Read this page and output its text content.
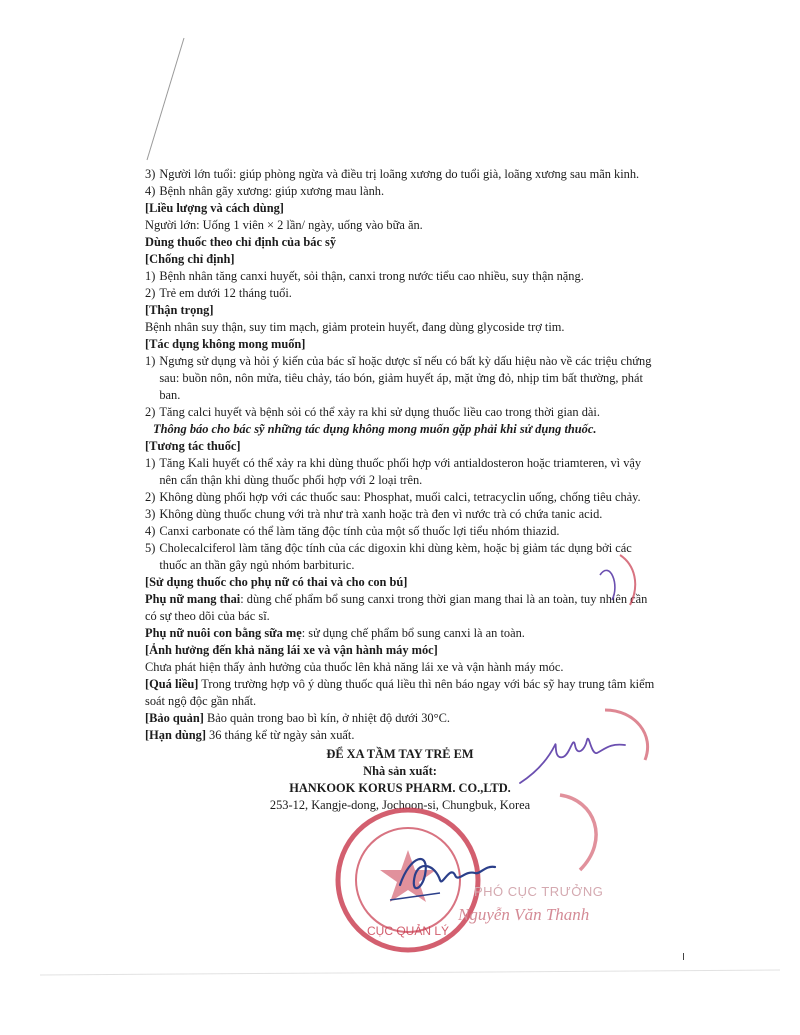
3) Người lớn tuổi: giúp phòng ngừa và điều trị loãng xương do tuổi già, loãng xương sau mãn kinh.
4) Bệnh nhân gãy xương: giúp xương mau lành.
[Liều lượng và cách dùng]
Người lớn: Uống 1 viên × 2 lần/ ngày, uống vào bữa ăn.
Dùng thuốc theo chỉ định của bác sỹ
[Chống chỉ định]
1) Bệnh nhân tăng canxi huyết, sỏi thận, canxi trong nước tiểu cao nhiều, suy thận nặng.
2) Trẻ em dưới 12 tháng tuổi.
[Thận trọng]
Bệnh nhân suy thận, suy tim mạch, giảm protein huyết, đang dùng glycoside trợ tim.
[Tác dụng không mong muốn]
1) Ngưng sử dụng và hỏi ý kiến của bác sĩ hoặc dược sĩ nếu có bất kỳ dấu hiệu nào về các triệu chứng sau: buồn nôn, nôn mửa, tiêu chảy, táo bón, giảm huyết áp, mặt ửng đỏ, nhịp tim bất thường, phát ban.
2) Tăng calci huyết và bệnh sỏi có thể xảy ra khi sử dụng thuốc liều cao trong thời gian dài.
Thông báo cho bác sỹ những tác dụng không mong muốn gặp phải khi sử dụng thuốc.
[Tương tác thuốc]
1) Tăng Kali huyết có thể xảy ra khi dùng thuốc phối hợp với antialdosteron hoặc triamteren, vì vậy nên cẩn thận khi dùng thuốc phối hợp với 2 loại trên.
2) Không dùng phối hợp với các thuốc sau: Phosphat, muối calci, tetracyclin uống, chống tiêu chảy.
3) Không dùng thuốc chung với trà như trà xanh hoặc trà đen vì nước trà có chứa tanic acid.
4) Canxi carbonate có thể làm tăng độc tính của một số thuốc lợi tiểu nhóm thiazid.
5) Cholecalciferol làm tăng độc tính của các digoxin khi dùng kèm, hoặc bị giảm tác dụng bởi các thuốc an thần gây ngủ nhóm barbituric.
[Sử dụng thuốc cho phụ nữ có thai và cho con bú]
Phụ nữ mang thai: dùng chế phẩm bổ sung canxi trong thời gian mang thai là an toàn, tuy nhiên cần có sự theo dõi của bác sĩ.
Phụ nữ nuôi con bằng sữa mẹ: sử dụng chế phẩm bổ sung canxi là an toàn.
[Ảnh hưởng đến khả năng lái xe và vận hành máy móc]
Chưa phát hiện thấy ảnh hưởng của thuốc lên khả năng lái xe và vận hành máy móc.
[Quá liều] Trong trường hợp vô ý dùng thuốc quá liều thì nên báo ngay với bác sỹ hay trung tâm kiểm soát ngộ độc gần nhất.
[Bảo quản] Bảo quản trong bao bì kín, ở nhiệt độ dưới 30°C.
[Hạn dùng] 36 tháng kể từ ngày sản xuất.
ĐỂ XA TẦM TAY TRẺ EM
Nhà sản xuất:
HANKOOK KORUS PHARM. CO.,LTD.
253-12, Kangje-dong, Jochoon-si, Chungbuk, Korea
CỤC QUẢN LÝ
PHÓ CỤC TRƯỞNG
Nguyễn Văn Thanh
